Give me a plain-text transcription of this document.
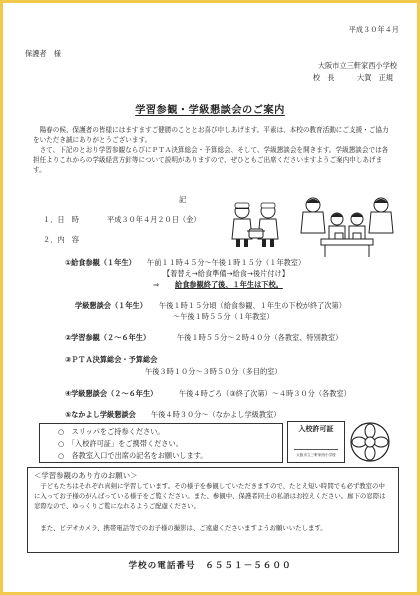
平成３０年４月
保護者　様
大阪市立三軒家西小学校
校　長	大賀　正規
学習参観・学級懇談会のご案内
陽春の候、保護者の皆様にはますますご健勝のこととお喜び申しあげます。平素は、本校の教育活動にご支援・ご協力をいただき誠にありがとうございます。
さて、下記のとおり学習参観ならびにＰＴＡ決算総会・予算総会、そして、学級懇談会を開きます。学級懇談会では各担任よりこれからの学級経営方針等について説明がありますので、ぜひともご出席くださいますようご案内申しあげます。
記
１．日　時	平成３０年４月２０日（金）
２．内　容
①給食参観（１年生） 午前１１時４５分～午後１時１５分（１年教室）
【着替え→給食準備→給食→後片付け】
⇒ 給食参観終了後、１年生は下校。
学級懇談会（１年生） 午後１時１５分頃（給食参観、１年生の下校が終了次第）
～午後１時５５分（１年教室）
②学習参観（２～６年生）	午後１時５５分～２時４０分（各教室、特別教室）
③ＰＴＡ決算総会・予算総会
午後３時１０分～３時５０分（多目的室）
④学級懇談会（２～６年生）	午後４時ごろ（③終了次第）～４時３０分（各教室）
⑤なかよし学級懇談会 午後４時３０分～（なかよし学級教室）
○　スリッパをご持参ください。
○　「入校許可証」をご携帯ください。
○　各教室入口で出席の記名をお願いします。
入校許可証
大阪市立三軒家西小学校
＜学習参観のあり方のお願い＞
子どもたちはそれぞれ真剣に学習しています。その様子を参観していただきますので、たとえ短い時間でも必ず教室の中に入ってお子様のがんばっている様子をご覧ください。また、参観中、保護者同士の私語はお控えください。廊下の窓際は窓際なので、ゆっくりご覧になれるようご配慮ください。
また、ビデオカメラ、携帯電話等でのお子様の撮影は、ご遠慮くださいますようお願いいたします。
学校の電話番号　６５５１－５６００
